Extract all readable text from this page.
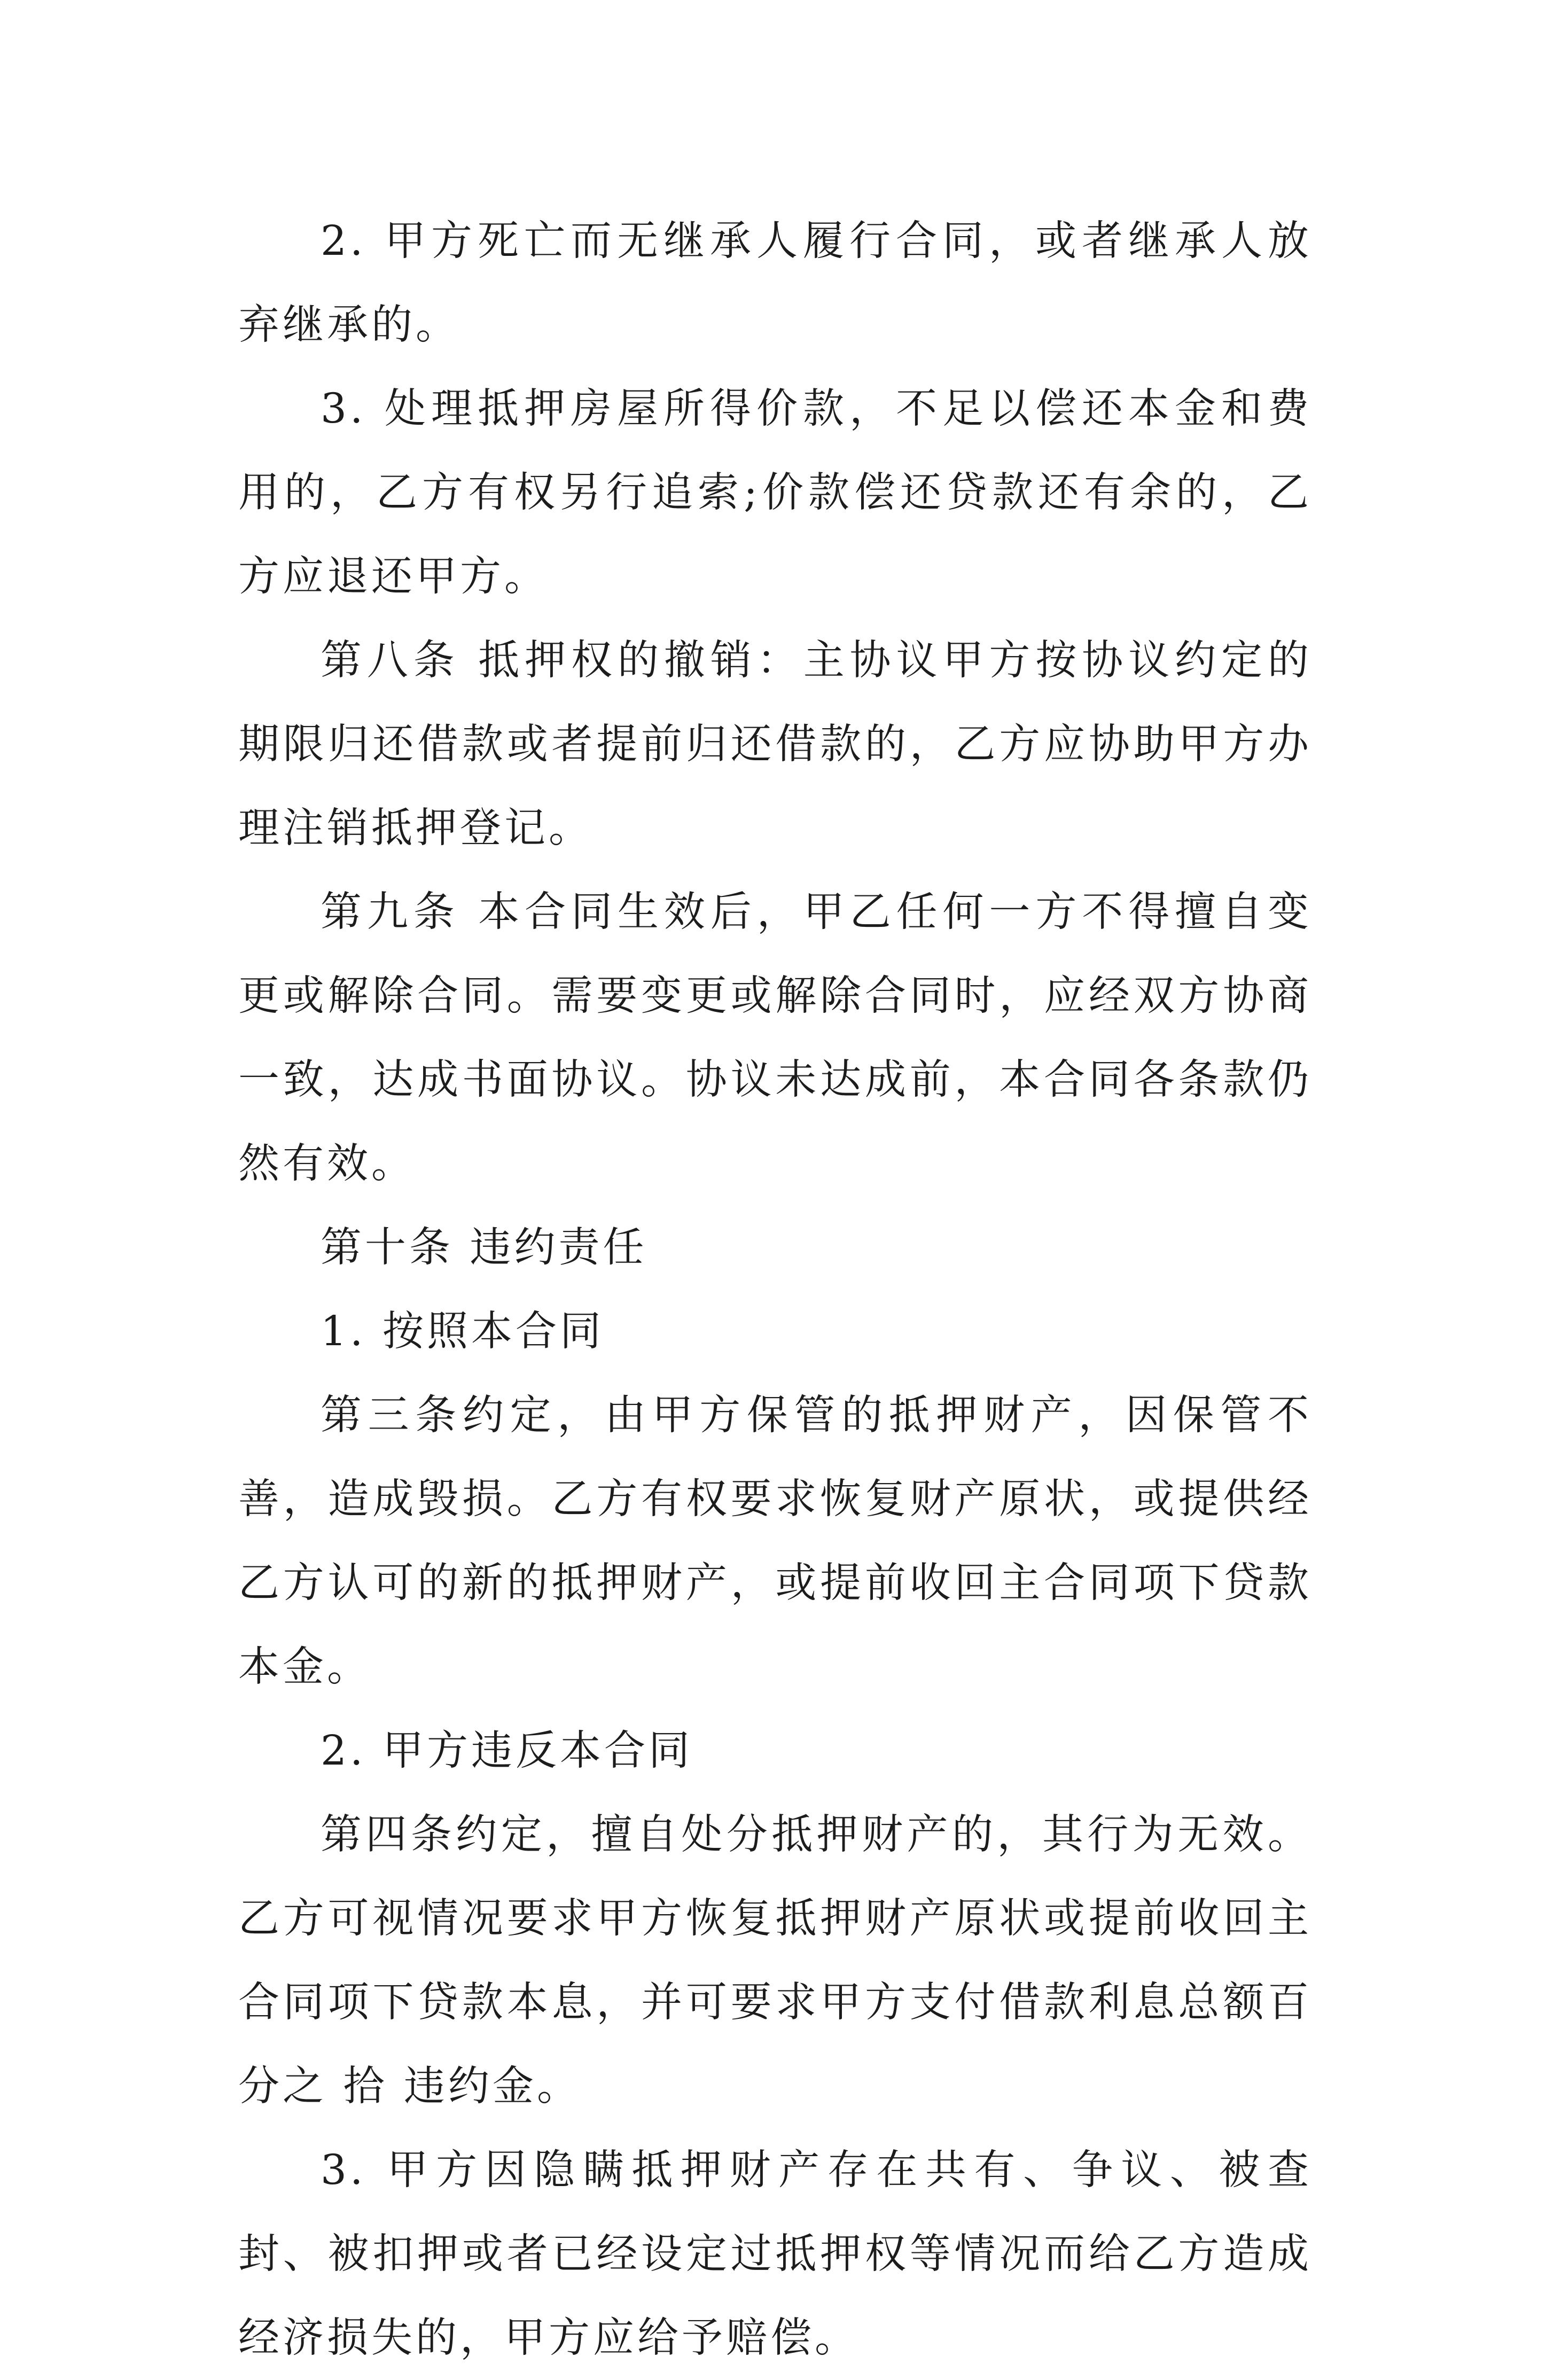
2. 甲方死亡而无继承人履行合同，或者继承人放弃继承的。

3. 处理抵押房屋所得价款，不足以偿还本金和费用的，乙方有权另行追索;价款偿还贷款还有余的，乙方应退还甲方。

第八条 抵押权的撤销：主协议甲方按协议约定的期限归还借款或者提前归还借款的，乙方应协助甲方办理注销抵押登记。

第九条 本合同生效后，甲乙任何一方不得擅自变更或解除合同。需要变更或解除合同时，应经双方协商一致，达成书面协议。协议未达成前，本合同各条款仍然有效。

第十条 违约责任

1. 按照本合同

第三条约定，由甲方保管的抵押财产，因保管不善，造成毁损。乙方有权要求恢复财产原状，或提供经乙方认可的新的抵押财产，或提前收回主合同项下贷款本金。

2. 甲方违反本合同

第四条约定，擅自处分抵押财产的，其行为无效。乙方可视情况要求甲方恢复抵押财产原状或提前收回主合同项下贷款本息，并可要求甲方支付借款利息总额百分之 拾 违约金。

3. 甲方因隐瞒抵押财产存在共有、争议、被查封、被扣押或者已经设定过抵押权等情况而给乙方造成经济损失的，甲方应给予赔偿。
